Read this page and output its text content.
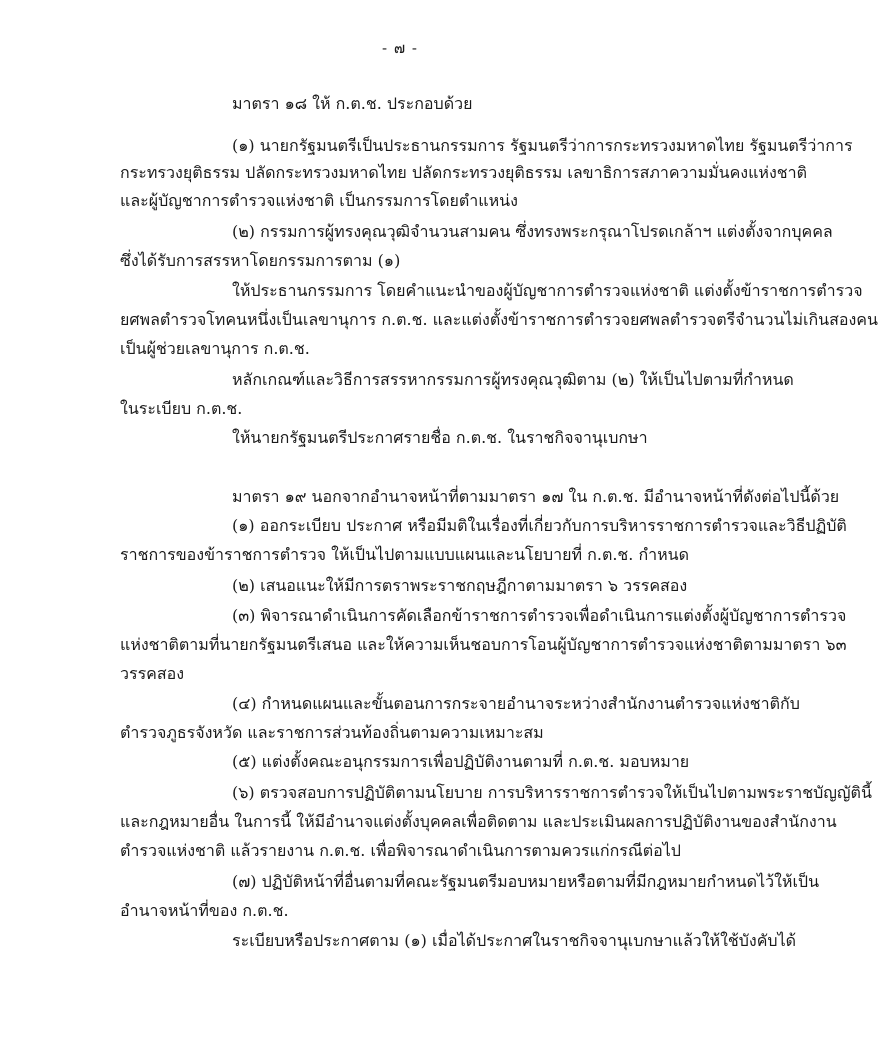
- ๗ -
มาตรา ๑๘ ให้ ก.ต.ช. ประกอบด้วย
(๑) นายกรัฐมนตรีเป็นประธานกรรมการ รัฐมนตรีว่าการกระทรวงมหาดไทย รัฐมนตรีว่าการ
กระทรวงยุติธรรม ปลัดกระทรวงมหาดไทย ปลัดกระทรวงยุติธรรม เลขาธิการสภาความมั่นคงแห่งชาติ
และผู้บัญชาการตำรวจแห่งชาติ เป็นกรรมการโดยตำแหน่ง
(๒) กรรมการผู้ทรงคุณวุฒิจำนวนสามคน ซึ่งทรงพระกรุณาโปรดเกล้าฯ แต่งตั้งจากบุคคล
ซึ่งได้รับการสรรหาโดยกรรมการตาม (๑)
ให้ประธานกรรมการ โดยคำแนะนำของผู้บัญชาการตำรวจแห่งชาติ แต่งตั้งข้าราชการตำรวจ
ยศพลตำรวจโทคนหนึ่งเป็นเลขานุการ ก.ต.ช. และแต่งตั้งข้าราชการตำรวจยศพลตำรวจตรีจำนวนไม่เกินสองคน
เป็นผู้ช่วยเลขานุการ ก.ต.ช.
หลักเกณฑ์และวิธีการสรรหากรรมการผู้ทรงคุณวุฒิตาม (๒) ให้เป็นไปตามที่กำหนด
ในระเบียบ ก.ต.ช.
ให้นายกรัฐมนตรีประกาศรายชื่อ ก.ต.ช. ในราชกิจจานุเบกษา
มาตรา ๑๙ นอกจากอำนาจหน้าที่ตามมาตรา ๑๗ ใน ก.ต.ช. มีอำนาจหน้าที่ดังต่อไปนี้ด้วย
(๑) ออกระเบียบ ประกาศ หรือมีมติในเรื่องที่เกี่ยวกับการบริหารราชการตำรวจและวิธีปฏิบัติ
ราชการของข้าราชการตำรวจ ให้เป็นไปตามแบบแผนและนโยบายที่ ก.ต.ช. กำหนด
(๒) เสนอแนะให้มีการตราพระราชกฤษฎีกาตามมาตรา ๖ วรรคสอง
(๓) พิจารณาดำเนินการคัดเลือกข้าราชการตำรวจเพื่อดำเนินการแต่งตั้งผู้บัญชาการตำรวจ
แห่งชาติตามที่นายกรัฐมนตรีเสนอ และให้ความเห็นชอบการโอนผู้บัญชาการตำรวจแห่งชาติตามมาตรา ๖๓
วรรคสอง
(๔) กำหนดแผนและขั้นตอนการกระจายอำนาจระหว่างสำนักงานตำรวจแห่งชาติกับ
ตำรวจภูธรจังหวัด และราชการส่วนท้องถิ่นตามความเหมาะสม
(๕) แต่งตั้งคณะอนุกรรมการเพื่อปฏิบัติงานตามที่ ก.ต.ช. มอบหมาย
(๖) ตรวจสอบการปฏิบัติตามนโยบาย การบริหารราชการตำรวจให้เป็นไปตามพระราชบัญญัตินี้
และกฎหมายอื่น ในการนี้ ให้มีอำนาจแต่งตั้งบุคคลเพื่อติดตาม และประเมินผลการปฏิบัติงานของสำนักงาน
ตำรวจแห่งชาติ แล้วรายงาน ก.ต.ช. เพื่อพิจารณาดำเนินการตามควรแก่กรณีต่อไป
(๗) ปฏิบัติหน้าที่อื่นตามที่คณะรัฐมนตรีมอบหมายหรือตามที่มีกฎหมายกำหนดไว้ให้เป็น
อำนาจหน้าที่ของ ก.ต.ช.
ระเบียบหรือประกาศตาม (๑) เมื่อได้ประกาศในราชกิจจานุเบกษาแล้วให้ใช้บังคับได้
